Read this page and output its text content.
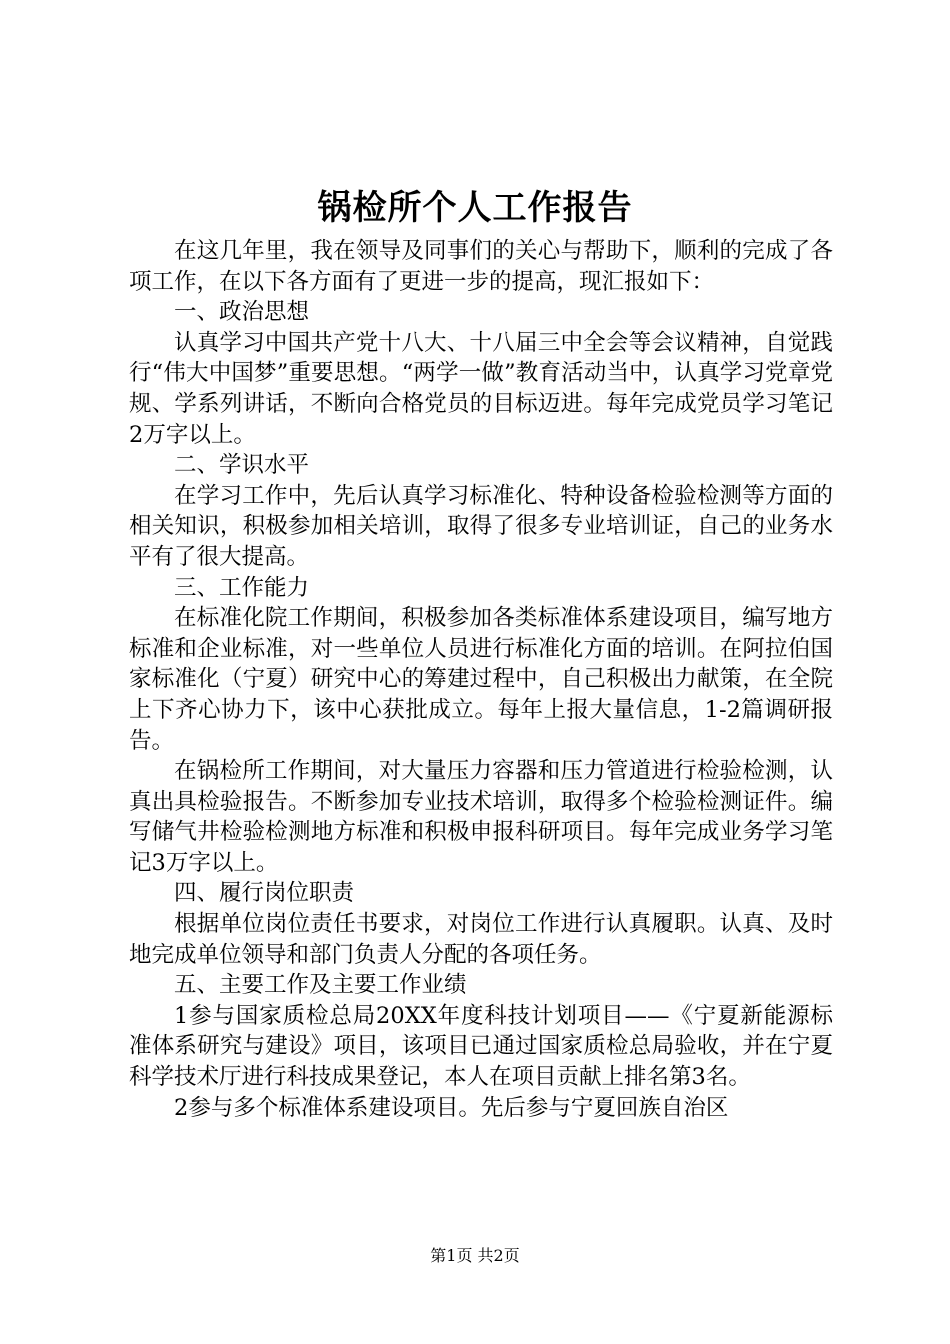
锅检所个人工作报告

在这几年里，我在领导及同事们的关心与帮助下，顺利的完成了各项工作，在以下各方面有了更进一步的提高，现汇报如下：

一、政治思想

认真学习中国共产党十八大、十八届三中全会等会议精神，自觉践行“伟大中国梦”重要思想。“两学一做”教育活动当中，认真学习党章党规、学系列讲话，不断向合格党员的目标迈进。每年完成党员学习笔记2万字以上。

二、学识水平

在学习工作中，先后认真学习标准化、特种设备检验检测等方面的相关知识，积极参加相关培训，取得了很多专业培训证，自己的业务水平有了很大提高。

三、工作能力

在标准化院工作期间，积极参加各类标准体系建设项目，编写地方标准和企业标准，对一些单位人员进行标准化方面的培训。在阿拉伯国家标准化（宁夏）研究中心的筹建过程中，自己积极出力献策，在全院上下齐心协力下，该中心获批成立。每年上报大量信息，1-2篇调研报告。

在锅检所工作期间，对大量压力容器和压力管道进行检验检测，认真出具检验报告。不断参加专业技术培训，取得多个检验检测证件。编写储气井检验检测地方标准和积极申报科研项目。每年完成业务学习笔记3万字以上。

四、履行岗位职责

根据单位岗位责任书要求，对岗位工作进行认真履职。认真、及时地完成单位领导和部门负责人分配的各项任务。

五、主要工作及主要工作业绩

1参与国家质检总局20XX年度科技计划项目——《宁夏新能源标准体系研究与建设》项目，该项目已通过国家质检总局验收，并在宁夏科学技术厅进行科技成果登记，本人在项目贡献上排名第3名。

2参与多个标准体系建设项目。先后参与宁夏回族自治区

第1页 共2页
